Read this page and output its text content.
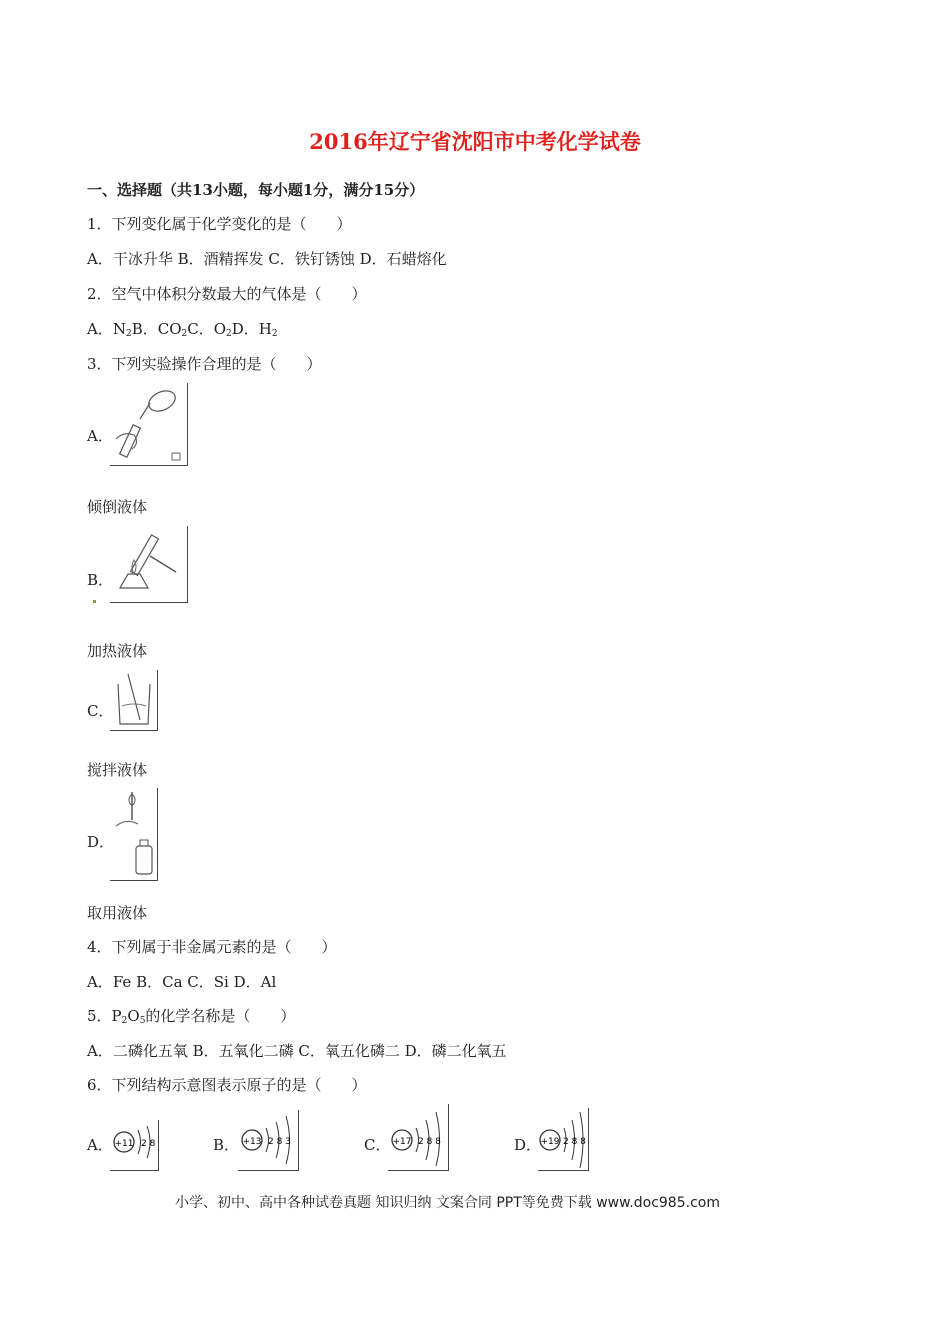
2016年辽宁省沈阳市中考化学试卷
一、选择题（共13小题，每小题1分，满分15分）
1．下列变化属于化学变化的是（　　）
A．干冰升华 B．酒精挥发 C．铁钉锈蚀 D．石蜡熔化
2．空气中体积分数最大的气体是（　　）
A．$N_2B$．$CO_2C$．$O_2D$．$H_2$
3．下列实验操作合理的是（　　）
A．
倾倒液体
B．
加热液体
C．
搅拌液体
D．
取用液体
4．下列属于非金属元素的是（　　）
A．Fe B．Ca C．Si D．Al
5．$P_2O_5$的化学名称是（　　）
A．二磷化五氧 B．五氧化二磷 C．氧五化磷二 D．磷二化氧五
6．下列结构示意图表示原子的是（　　）
A． +11 2 8	B． +13 2 8 3	C． +17 2 8 8	D． +19 2 8 8
小学、初中、高中各种试卷真题 知识归纳 文案合同 PPT等免费下载 www.doc985.com
